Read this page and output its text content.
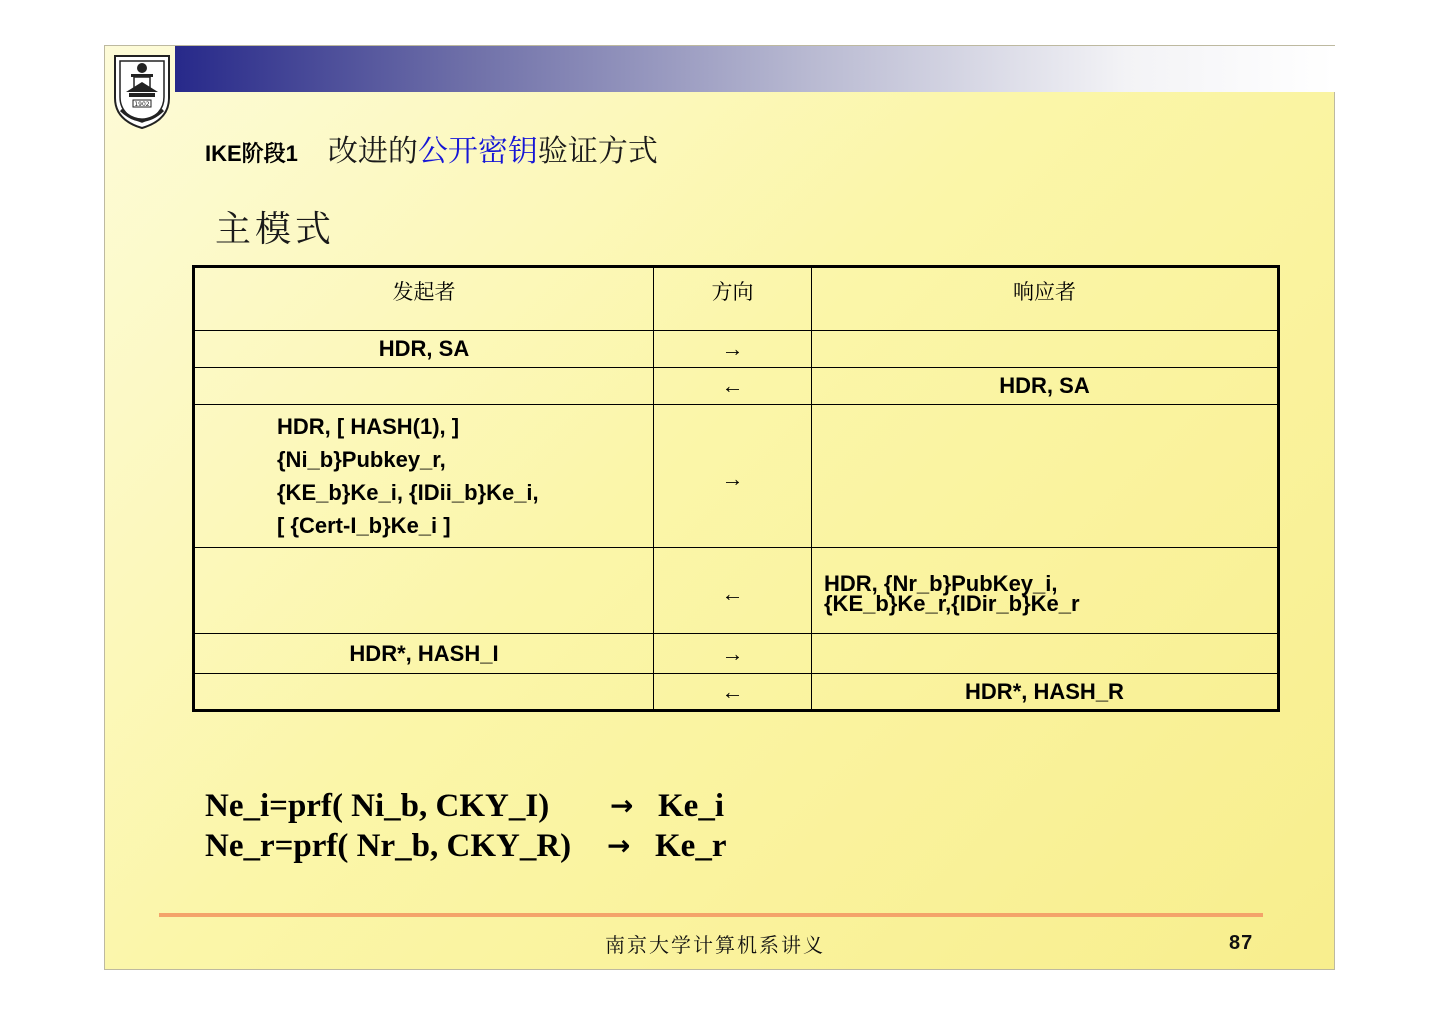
1902
IKE阶段1 改进的公开密钥验证方式
主模式
发起者	方向	响应者
HDR, SA	→	
	←	HDR, SA

HDR, [ HASH(1), ]
{Ni_b}Pubkey_r,
{KE_b}Ke_i, {IDii_b}Ke_i,
[ {Cert-I_b}Ke_i ]	→	
	←	HDR, {Nr_b}PubKey_i,
{KE_b}Ke_r,{IDir_b}Ke_r

HDR*, HASH_I	→	
	←	HDR*, HASH_R
Ne_i=prf( Ni_b, CKY_I)	→ Ke_i
Ne_r=prf( Nr_b, CKY_R)	→ Ke_r
南京大学计算机系讲义	87
